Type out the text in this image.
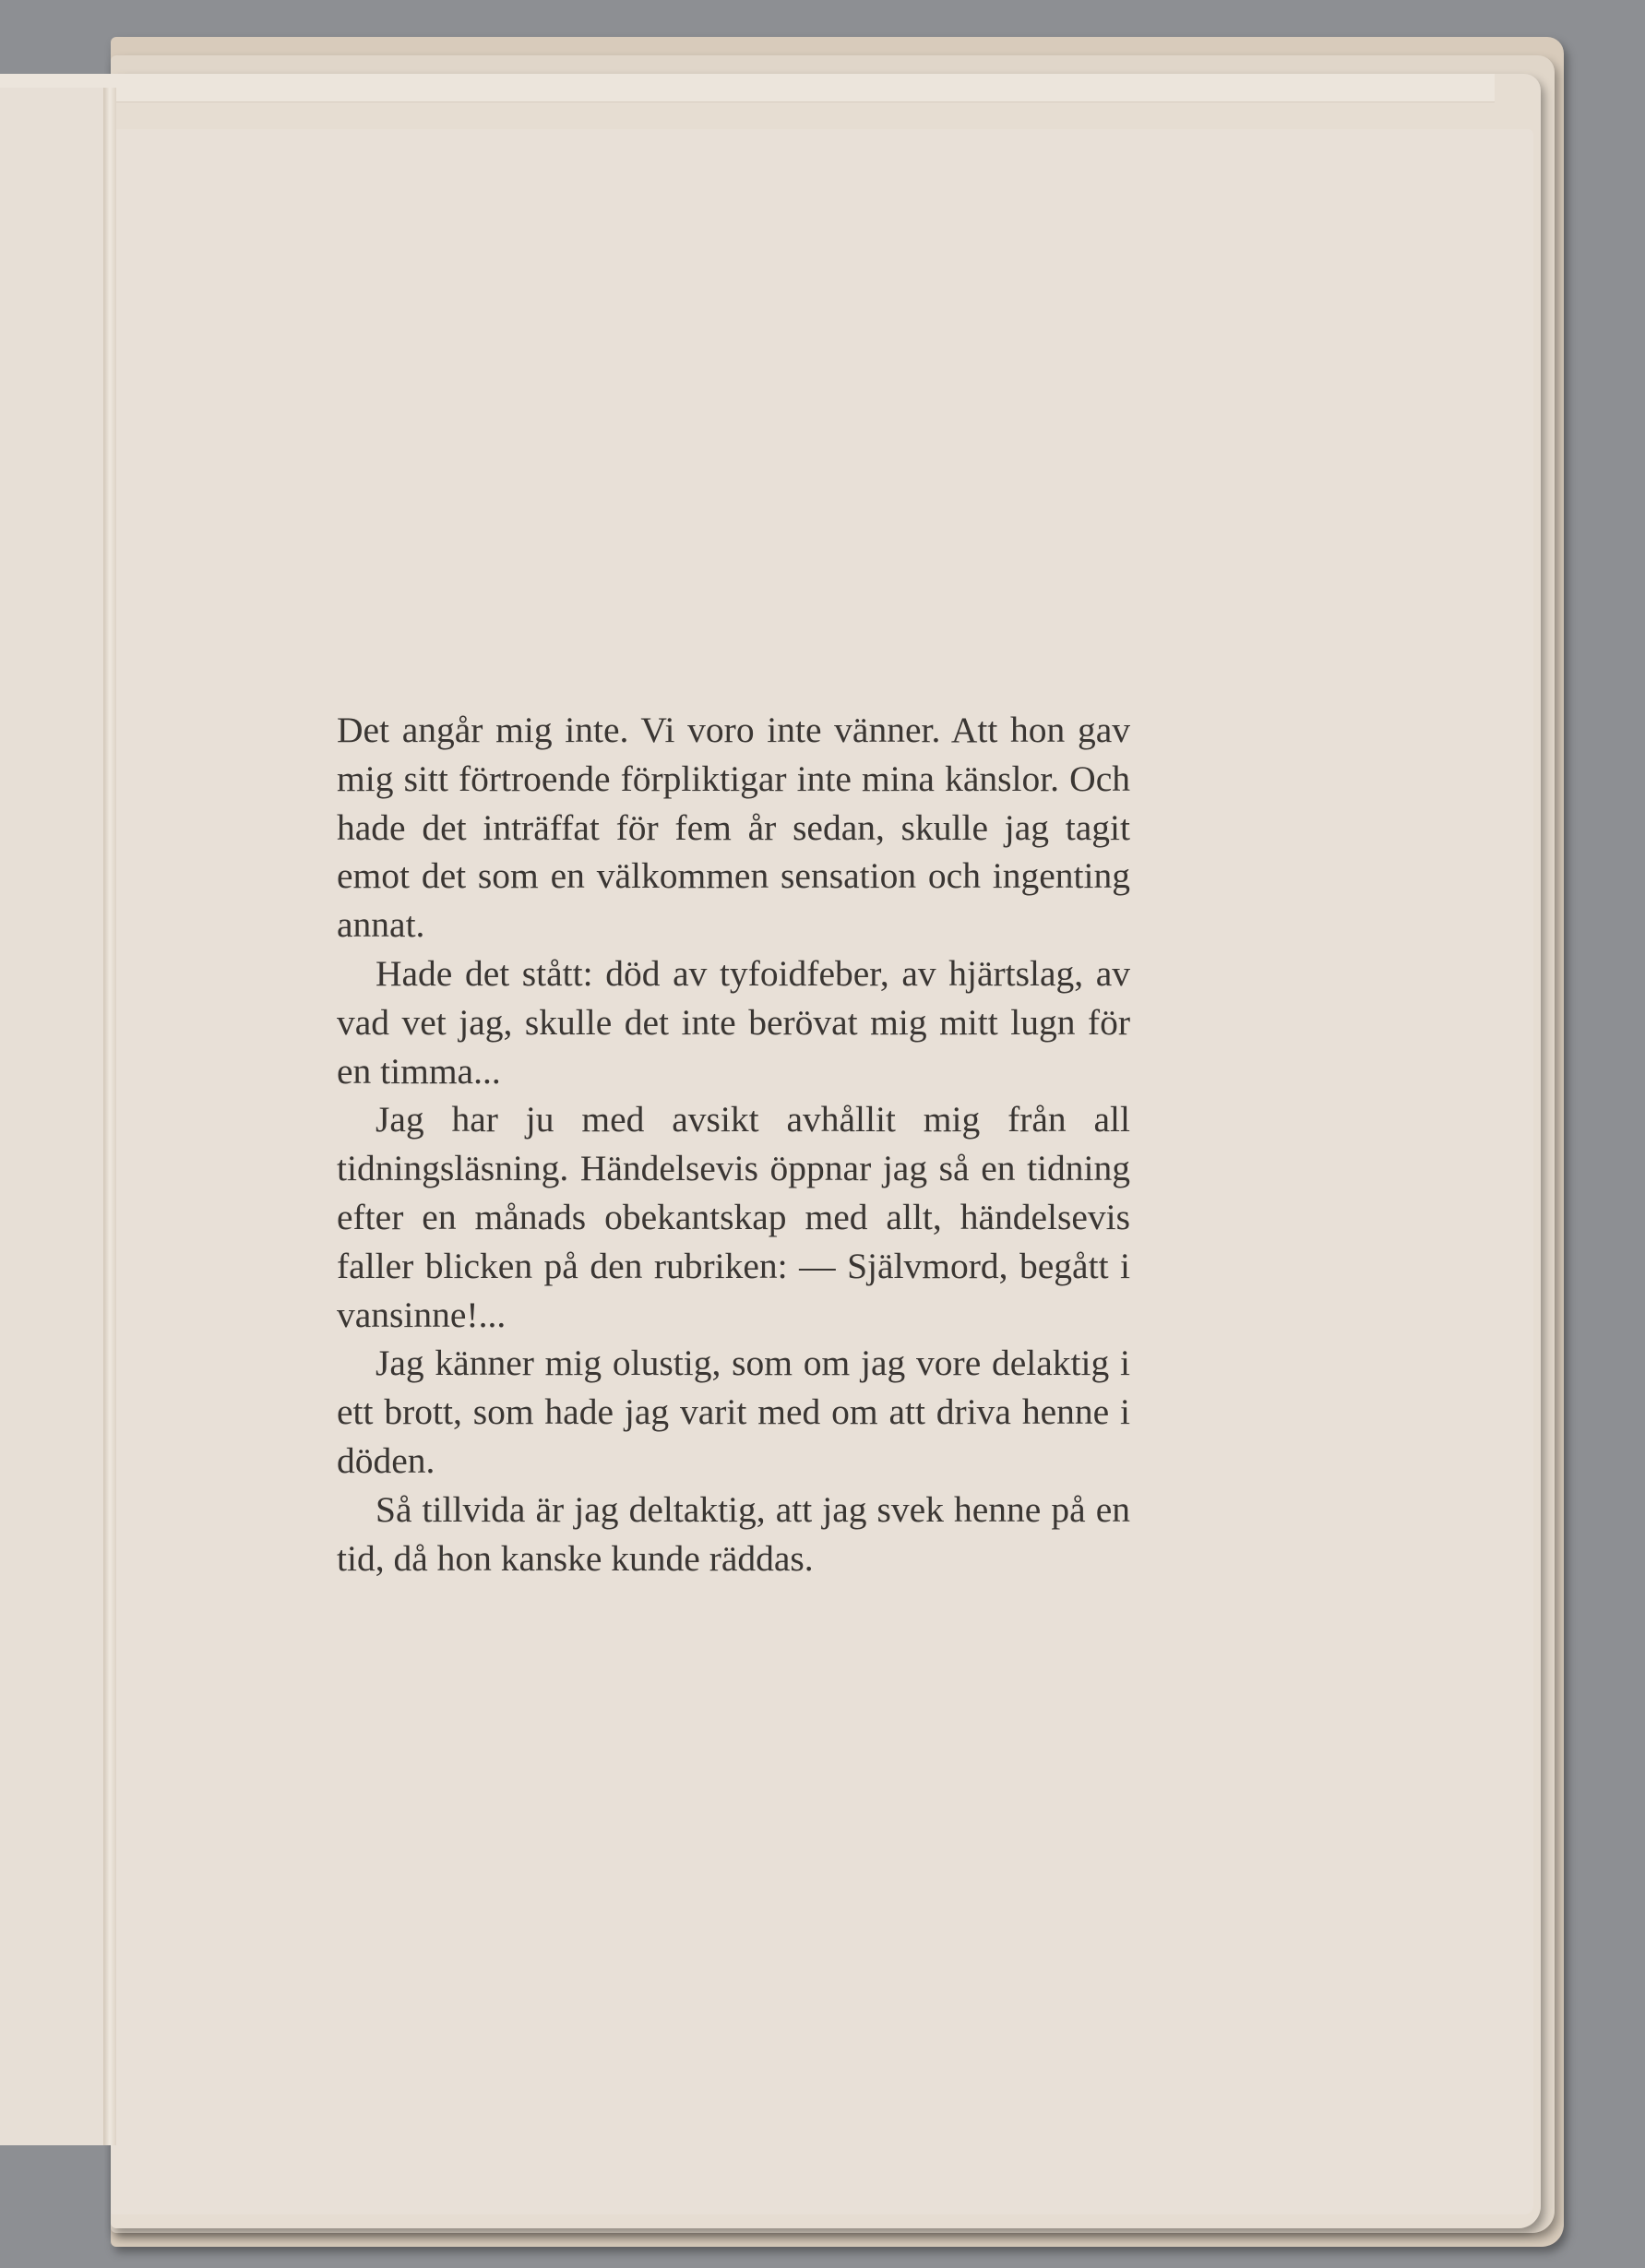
Det angår mig inte. Vi voro inte vänner. Att hon gav mig sitt förtroende förpliktigar inte mina känslor. Och hade det inträffat för fem år sedan, skulle jag tagit emot det som en välkommen sensation och ingenting annat.

Hade det stått: död av tyfoidfeber, av hjärtslag, av vad vet jag, skulle det inte berövat mig mitt lugn för en timma...

Jag har ju med avsikt avhållit mig från all tidningsläsning. Händelsevis öppnar jag så en tidning efter en månads obekantskap med allt, händelsevis faller blicken på den rubriken: — Självmord, begått i vansinne!...

Jag känner mig olustig, som om jag vore delaktig i ett brott, som hade jag varit med om att driva henne i döden.

Så tillvida är jag deltaktig, att jag svek henne på en tid, då hon kanske kunde räddas.
